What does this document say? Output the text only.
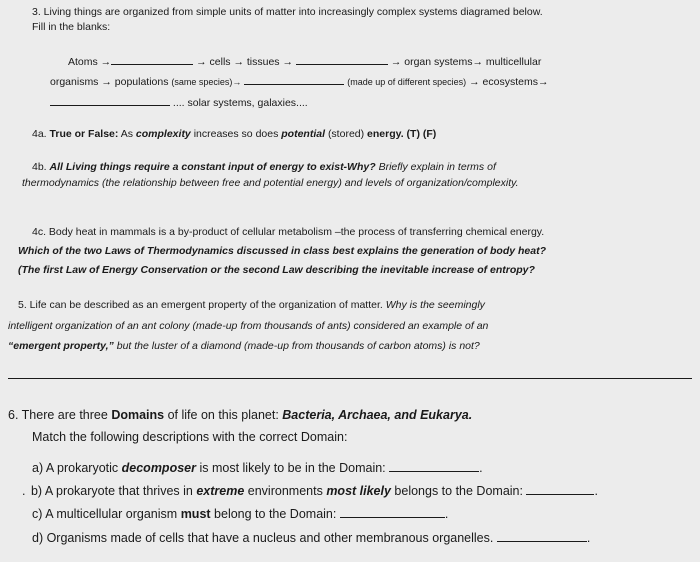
3. Living things are organized from simple units of matter into increasingly complex systems diagramed below.
Fill in the blanks:
Atoms →	→ cells → tissues →	→ organ systems→ multicellular
organisms → populations (same species)→	(made up of different species) → ecosystems→
.... solar systems, galaxies....
4a. True or False: As complexity increases so does potential (stored) energy. (T) (F)
4b. All Living things require a constant input of energy to exist-Why? Briefly explain in terms of
thermodynamics (the relationship between free and potential energy) and levels of organization/complexity.
4c. Body heat in mammals is a by-product of cellular metabolism –the process of transferring chemical energy.
Which of the two Laws of Thermodynamics discussed in class best explains the generation of body heat?
(The first Law of Energy Conservation or the second Law describing the inevitable increase of entropy?
5. Life can be described as an emergent property of the organization of matter. Why is the seemingly
intelligent organization of an ant colony (made-up from thousands of ants) considered an example of an
“emergent property,” but the luster of a diamond (made-up from thousands of carbon atoms) is not?
6. There are three Domains of life on this planet: Bacteria, Archaea, and Eukarya.
Match the following descriptions with the correct Domain:
a) A prokaryotic decomposer is most likely to be in the Domain:	.
. b) A prokaryote that thrives in extreme environments most likely belongs to the Domain:	.
c) A multicellular organism must belong to the Domain:	.
d) Organisms made of cells that have a nucleus and other membranous organelles.	.
